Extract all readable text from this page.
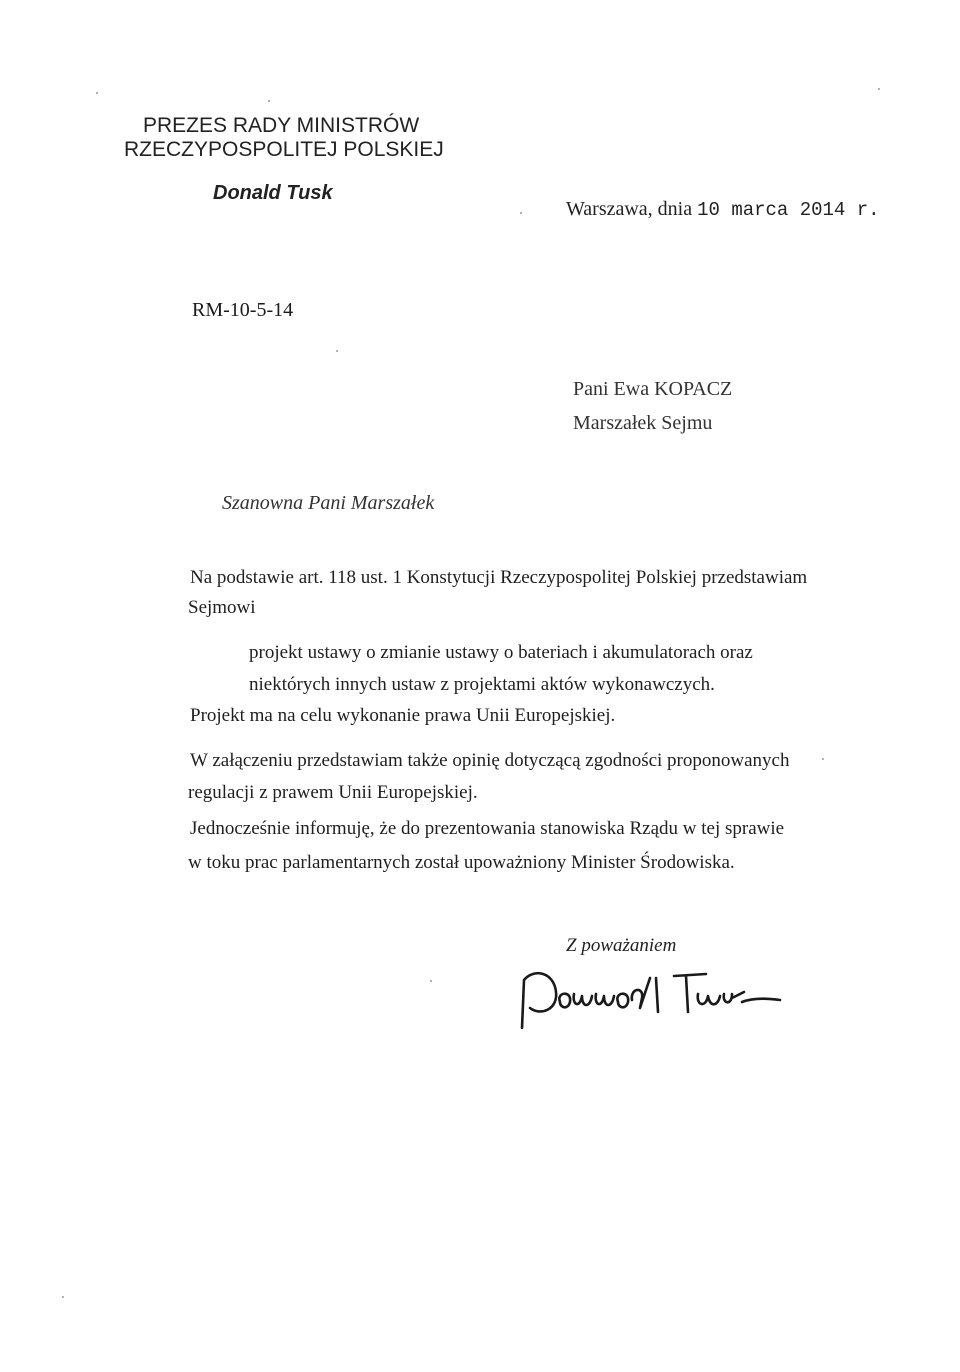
PREZES RADY MINISTRÓW
RZECZYPOSPOLITEJ POLSKIEJ
Donald Tusk
Warszawa, dnia 10 marca 2014 r.
RM-10-5-14
Pani Ewa KOPACZ
Marszałek Sejmu
Szanowna Pani Marszałek
Na podstawie art. 118 ust. 1 Konstytucji Rzeczypospolitej Polskiej przedstawiam
Sejmowi
projekt ustawy o zmianie ustawy o bateriach i akumulatorach oraz
niektórych innych ustaw z projektami aktów wykonawczych.
Projekt ma na celu wykonanie prawa Unii Europejskiej.
W załączeniu przedstawiam także opinię dotyczącą zgodności proponowanych
regulacji z prawem Unii Europejskiej.
Jednocześnie informuję, że do prezentowania stanowiska Rządu w tej sprawie
w toku prac parlamentarnych został upoważniony Minister Środowiska.
Z poważaniem
